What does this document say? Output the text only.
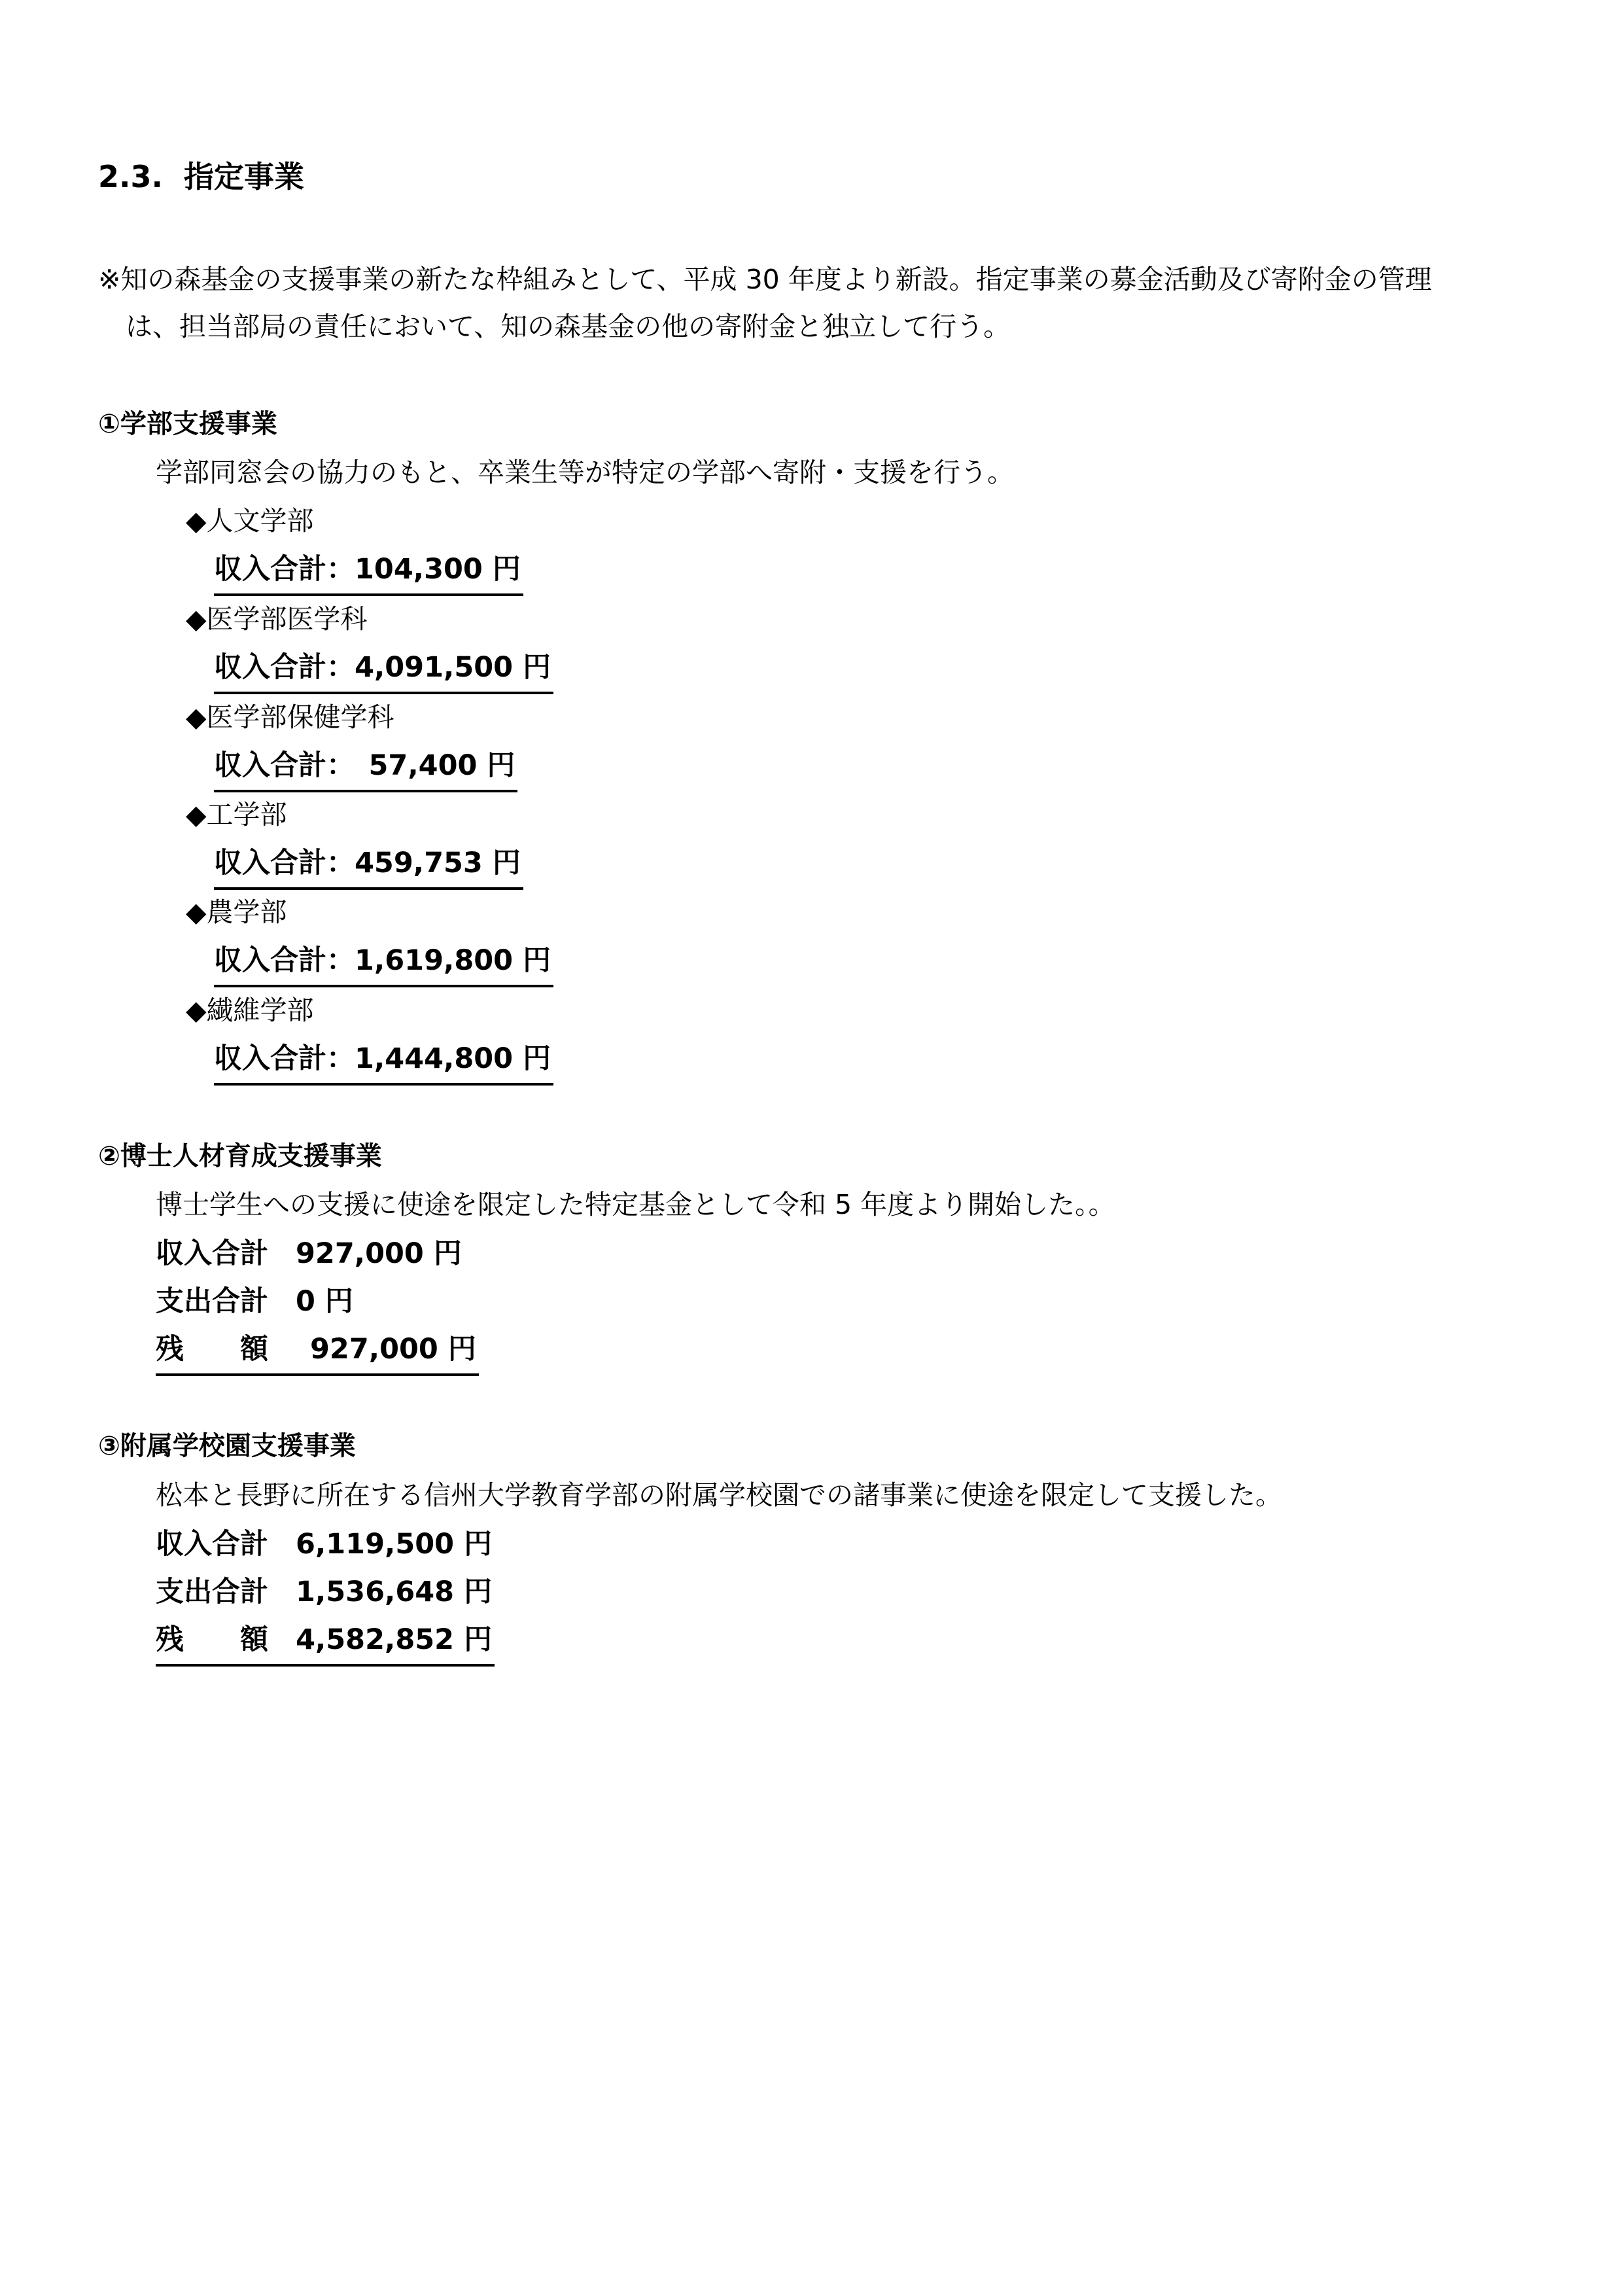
2.3. 指定事業
※知の森基金の支援事業の新たな枠組みとして、平成 30 年度より新設。指定事業の募金活動及び寄附金の管理
は、担当部局の責任において、知の森基金の他の寄附金と独立して行う。
①学部支援事業
学部同窓会の協力のもと、卒業生等が特定の学部へ寄附・支援を行う。
◆人文学部
収入合計：104,300 円
◆医学部医学科
収入合計：4,091,500 円
◆医学部保健学科
収入合計：　57,400 円
◆工学部
収入合計：459,753 円
◆農学部
収入合計：1,619,800 円
◆繊維学部
収入合計：1,444,800 円
②博士人材育成支援事業
博士学生への支援に使途を限定した特定基金として令和 5 年度より開始した。。
収入合計 927,000 円
支出合計 0 円
残　　額 927,000 円
③附属学校園支援事業
松本と長野に所在する信州大学教育学部の附属学校園での諸事業に使途を限定して支援した。
収入合計 6,119,500 円
支出合計 1,536,648 円
残　　額 4,582,852 円
